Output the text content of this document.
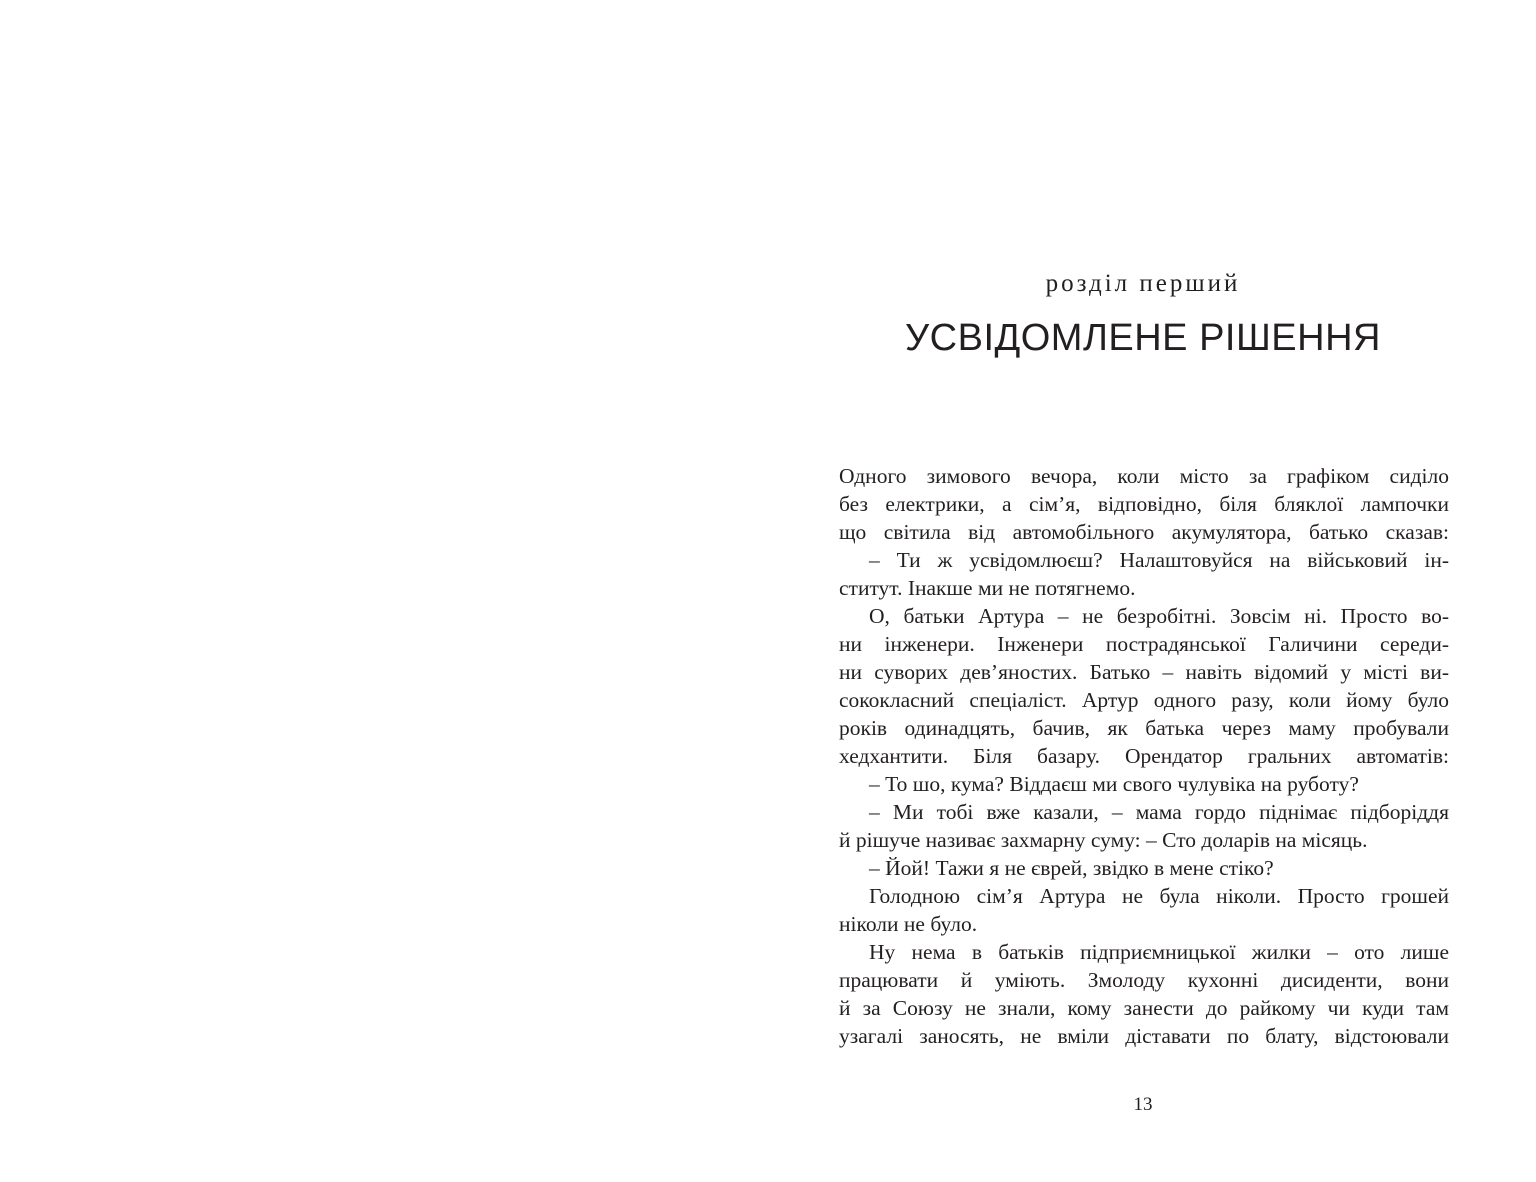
розділ перший
УСВІДОМЛЕНЕ РІШЕННЯ
Одного зимового вечора, коли місто за графіком сиділо
без електрики, а сім’я, відповідно, біля бляклої лампочки
що світила від автомобільного акумулятора, батько сказав:
– Ти ж усвідомлюєш? Налаштовуйся на військовий ін-
ститут. Інакше ми не потягнемо.
О, батьки Артура – не безробітні. Зовсім ні. Просто во-
ни інженери. Інженери пострадянської Галичини середи-
ни суворих дев’яностих. Батько – навіть відомий у місті ви-
сококласний спеціаліст. Артур одного разу, коли йому було
років одинадцять, бачив, як батька через маму пробували
хедхантити. Біля базару. Орендатор гральних автоматів:
– То шо, кума? Віддаєш ми свого чулувіка на руботу?
– Ми тобі вже казали, – мама гордо піднімає підборіддя
й рішуче називає захмарну суму: – Сто доларів на місяць.
– Йой! Тажи я не єврей, звідко в мене стіко?
Голодною сім’я Артура не була ніколи. Просто грошей
ніколи не було.
Ну нема в батьків підприємницької жилки – ото лише
працювати й уміють. Змолоду кухонні дисиденти, вони
й за Союзу не знали, кому занести до райкому чи куди там
узагалі заносять, не вміли діставати по блату, відстоювали
13
